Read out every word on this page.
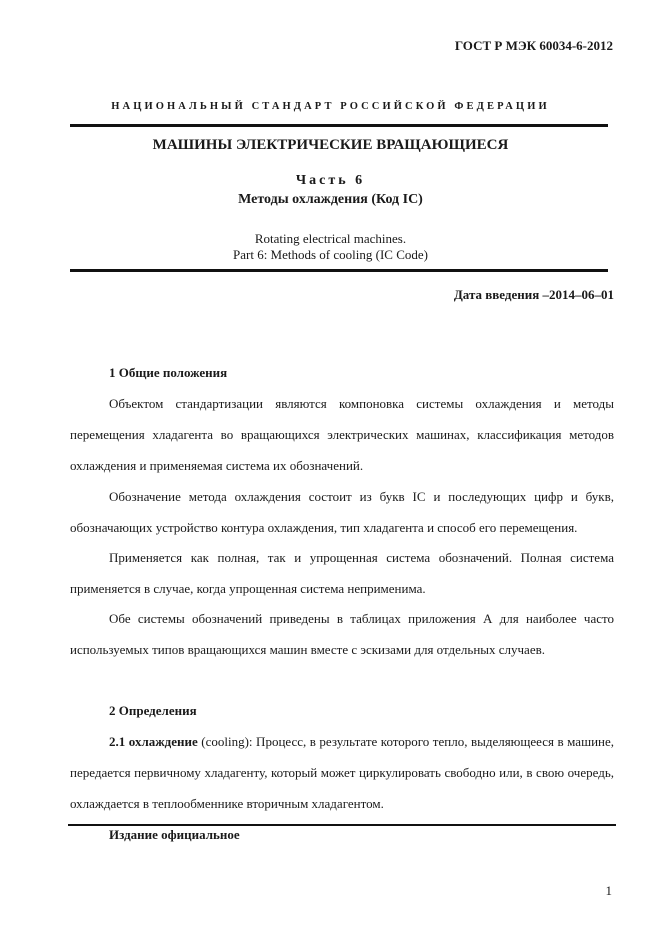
ГОСТ Р МЭК 60034-6-2012
НАЦИОНАЛЬНЫЙ СТАНДАРТ РОССИЙСКОЙ ФЕДЕРАЦИИ
МАШИНЫ ЭЛЕКТРИЧЕСКИЕ ВРАЩАЮЩИЕСЯ
Часть 6
Методы охлаждения (Код IC)
Rotating electrical machines.
Part 6: Methods of cooling (IC Code)
Дата введения –2014–06–01
1 Общие положения
Объектом стандартизации являются компоновка системы охлаждения и методы перемещения хладагента во вращающихся электрических машинах, классификация методов охлаждения и применяемая система их обозначений.
Обозначение метода охлаждения состоит из букв IC и последующих цифр и букв, обозначающих устройство контура охлаждения, тип хладагента и способ его перемещения.
Применяется как полная, так и упрощенная система обозначений. Полная система применяется в случае, когда упрощенная система неприменима.
Обе системы обозначений приведены в таблицах приложения А для наиболее часто используемых типов вращающихся машин вместе с эскизами для отдельных случаев.
2 Определения
2.1 охлаждение (cooling): Процесс, в результате которого тепло, выделяющееся в машине, передается первичному хладагенту, который может циркулировать свободно или, в свою очередь, охлаждается в теплообменнике вторичным хладагентом.
Издание официальное
1
